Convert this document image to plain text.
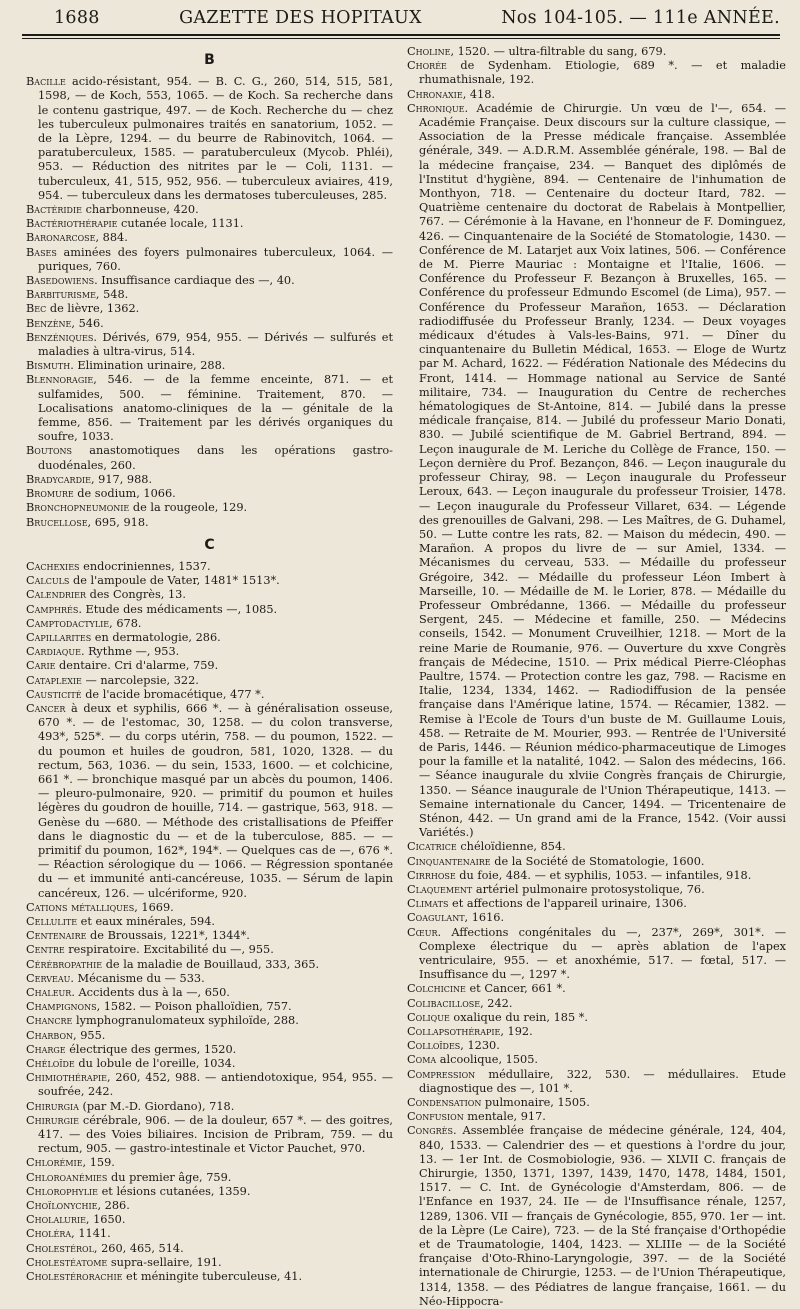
1688	GAZETTE DES HOPITAUX	Nos 104-105. — 111e ANNÉE.
B

Bacille acido-résistant, 954. — B. C. G., 260, 514, 515, 581, 1598, — de Koch, 553, 1065. — de Koch. Sa recherche dans le contenu gastrique, 497. — de Koch. Recherche du — chez les tuberculeux pulmonaires traités en sanatorium, 1052. — de la Lèpre, 1294. — du beurre de Rabinovitch, 1064. — paratuberculeux, 1585. — paratuberculeux (Mycob. Phléi), 953. — Réduction des nitrites par le — Coli, 1131. — tuberculeux, 41, 515, 952, 956. — tuberculeux aviaires, 419, 954. — tuberculeux dans les dermatoses tuberculeuses, 285.

Bactéridie charbonneuse, 420.

Bactériothérapie cutanée locale, 1131.

Baronarcose, 884.

Bases aminées des foyers pulmonaires tuberculeux, 1064. — puriques, 760.

Basedowiens. Insuffisance cardiaque des —, 40.

Barbiturisme, 548.

Bec de lièvre, 1362.

Benzène, 546.

Benzéniques. Dérivés, 679, 954, 955. — Dérivés — sulfurés et maladies à ultra-virus, 514.

Bismuth. Elimination urinaire, 288.

Blennoragie, 546. — de la femme enceinte, 871. — et sulfamides, 500. — féminine. Traitement, 870. — Localisations anatomo-cliniques de la — génitale de la femme, 856. — Traitement par les dérivés organiques du soufre, 1033.

Boutons anastomotiques dans les opérations gastro-duodénales, 260.

Bradycardie, 917, 988.

Bromure de sodium, 1066.

Bronchopneumonie de la rougeole, 129.

Brucellose, 695, 918.

C

Cachexies endocriniennes, 1537.

Calculs de l'ampoule de Vater, 1481* 1513*.

Calendrier des Congrès, 13.

Camphrés. Etude des médicaments —, 1085.

Camptodactylie, 678.

Capillarites en dermatologie, 286.

Cardiaque. Rythme —, 953.

Carie dentaire. Cri d'alarme, 759.

Cataplexie — narcolepsie, 322.

Causticité de l'acide bromacétique, 477 *.

Cancer à deux et syphilis, 666 *. — à généralisation osseuse, 670 *. — de l'estomac, 30, 1258. — du colon transverse, 493*, 525*. — du corps utérin, 758. — du poumon, 1522. — du poumon et huiles de goudron, 581, 1020, 1328. — du rectum, 563, 1036. — du sein, 1533, 1600. — et colchicine, 661 *. — bronchique masqué par un abcès du poumon, 1406. — pleuro-pulmonaire, 920. — primitif du poumon et huiles légères du goudron de houille, 714. — gastrique, 563, 918. — Genèse du —680. — Méthode des cristallisations de Pfeiffer dans le diagnostic du — et de la tuberculose, 885. — — primitif du poumon, 162*, 194*. — Quelques cas de —, 676 *. — Réaction sérologique du — 1066. — Régression spontanée du — et immunité anti-cancéreuse, 1035. — Sérum de lapin cancéreux, 126. — ulcériforme, 920.

Cations métalliques, 1669.

Cellulite et eaux minérales, 594.

Centenaire de Broussais, 1221*, 1344*.

Centre respiratoire. Excitabilité du —, 955.

Cérébropathie de la maladie de Bouillaud, 333, 365.

Cerveau. Mécanisme du — 533.

Chaleur. Accidents dus à la —, 650.

Champignons, 1582. — Poison phalloïdien, 757.

Chancre lymphogranulomateux syphiloïde, 288.

Charbon, 955.

Charge électrique des germes, 1520.

Chéloïde du lobule de l'oreille, 1034.

Chimiothérapie, 260, 452, 988. — antiendotoxique, 954, 955. — soufrée, 242.

Chirurgia (par M.-D. Giordano), 718.

Chirurgie cérébrale, 906. — de la douleur, 657 *. — des goitres, 417. — des Voies biliaires. Incision de Pribram, 759. — du rectum, 905. — gastro-intestinale et Victor Pauchet, 970.

Chlorémie, 159.

Chloroanémies du premier âge, 759.

Chlorophylie et lésions cutanées, 1359.

Choïlonychie, 286.

Cholalurie, 1650.

Choléra, 1141.

Cholestérol, 260, 465, 514.

Cholestéatome supra-sellaire, 191.

Cholestérorachie et méningite tuberculeuse, 41.

Choline, 1520. — ultra-filtrable du sang, 679.

Chorée de Sydenham. Etiologie, 689 *. — et maladie rhumathisnale, 192.

Chronaxie, 418.

Chronique. Académie de Chirurgie. Un vœu de l'—, 654. — Académie Française. Deux discours sur la culture classique, — Association de la Presse médicale française. Assemblée générale, 349. — A.D.R.M. Assemblée générale, 198. — Bal de la médecine française, 234. — Banquet des diplômés de l'Institut d'hygiène, 894. — Centenaire de l'inhumation de Monthyon, 718. — Centenaire du docteur Itard, 782. — Quatrième centenaire du doctorat de Rabelais à Montpellier, 767. — Cérémonie à la Havane, en l'honneur de F. Dominguez, 426. — Cinquantenaire de la Société de Stomatologie, 1430. — Conférence de M. Latarjet aux Voix latines, 506. — Conférence de M. Pierre Mauriac : Montaigne et l'Italie, 1606. — Conférence du Professeur F. Bezançon à Bruxelles, 165. — Conférence du professeur Edmundo Escomel (de Lima), 957. — Conférence du Professeur Marañon, 1653. — Déclaration radiodiffusée du Professeur Branly, 1234. — Deux voyages médicaux d'études à Vals-les-Bains, 971. — Dîner du cinquantenaire du Bulletin Médical, 1653. — Eloge de Wurtz par M. Achard, 1622. — Fédération Nationale des Médecins du Front, 1414. — Hommage national au Service de Santé militaire, 734. — Inauguration du Centre de recherches hématologiques de St-Antoine, 814. — Jubilé dans la presse médicale française, 814. — Jubilé du professeur Mario Donati, 830. — Jubilé scientifique de M. Gabriel Bertrand, 894. — Leçon inaugurale de M. Leriche du Collège de France, 150. — Leçon dernière du Prof. Bezançon, 846. — Leçon inaugurale du professeur Chiray, 98. — Leçon inaugurale du Professeur Leroux, 643. — Leçon inaugurale du professeur Troisier, 1478. — Leçon inaugurale du Professeur Villaret, 634. — Légende des grenouilles de Galvani, 298. — Les Maîtres, de G. Duhamel, 50. — Lutte contre les rats, 82. — Maison du médecin, 490. — Marañon. A propos du livre de — sur Amiel, 1334. — Mécanismes du cerveau, 533. — Médaille du professeur Grégoire, 342. — Médaille du professeur Léon Imbert à Marseille, 10. — Médaille de M. le Lorier, 878. — Médaille du Professeur Ombrédanne, 1366. — Médaille du professeur Sergent, 245. — Médecine et famille, 250. — Médecins conseils, 1542. — Monument Cruveilhier, 1218. — Mort de la reine Marie de Roumanie, 976. — Ouverture du xxve Congrès français de Médecine, 1510. — Prix médical Pierre-Cléophas Paultre, 1574. — Protection contre les gaz, 798. — Racisme en Italie, 1234, 1334, 1462. — Radiodiffusion de la pensée française dans l'Amérique latine, 1574. — Récamier, 1382. — Remise à l'Ecole de Tours d'un buste de M. Guillaume Louis, 458. — Retraite de M. Mourier, 993. — Rentrée de l'Université de Paris, 1446. — Réunion médico-pharmaceutique de Limoges pour la famille et la natalité, 1042. — Salon des médecins, 166. — Séance inaugurale du xlviie Congrès français de Chirurgie, 1350. — Séance inaugurale de l'Union Thérapeutique, 1413. — Semaine internationale du Cancer, 1494. — Tricentenaire de Sténon, 442. — Un grand ami de la France, 1542. (Voir aussi Variétés.)

Cicatrice chéloïdienne, 854.

Cinquantenaire de la Société de Stomatologie, 1600.

Cirrhose du foie, 484. — et syphilis, 1053. — infantiles, 918.

Claquement artériel pulmonaire protosystolique, 76.

Climats et affections de l'appareil urinaire, 1306.

Coagulant, 1616.

Cœur. Affections congénitales du —, 237*, 269*, 301*. — Complexe électrique du — après ablation de l'apex ventriculaire, 955. — et anoxhémie, 517. — fœtal, 517. — Insuffisance du —, 1297 *.

Colchicine et Cancer, 661 *.

Colibacillose, 242.

Colique oxalique du rein, 185 *.

Collapsothérapie, 192.

Colloïdes, 1230.

Coma alcoolique, 1505.

Compression médullaire, 322, 530. — médullaires. Etude diagnostique des —, 101 *.

Condensation pulmonaire, 1505.

Confusion mentale, 917.

Congrès. Assemblée française de médecine générale, 124, 404, 840, 1533. — Calendrier des — et questions à l'ordre du jour, 13. — 1er Int. de Cosmobiologie, 936. — XLVII C. français de Chirurgie, 1350, 1371, 1397, 1439, 1470, 1478, 1484, 1501, 1517. — C. Int. de Gynécologie d'Amsterdam, 806. — de l'Enfance en 1937, 24. IIe — de l'Insuffisance rénale, 1257, 1289, 1306. VII — français de Gynécologie, 855, 970. 1er — int. de la Lèpre (Le Caire), 723. — de la Sté française d'Orthopédie et de Traumatologie, 1404, 1423. — XLIIIe — de la Société française d'Oto-Rhino-Laryngologie, 397. — de la Société internationale de Chirurgie, 1253. — de l'Union Thérapeutique, 1314, 1358. — des Pédiatres de langue française, 1661. — du Néo-Hippocra-
